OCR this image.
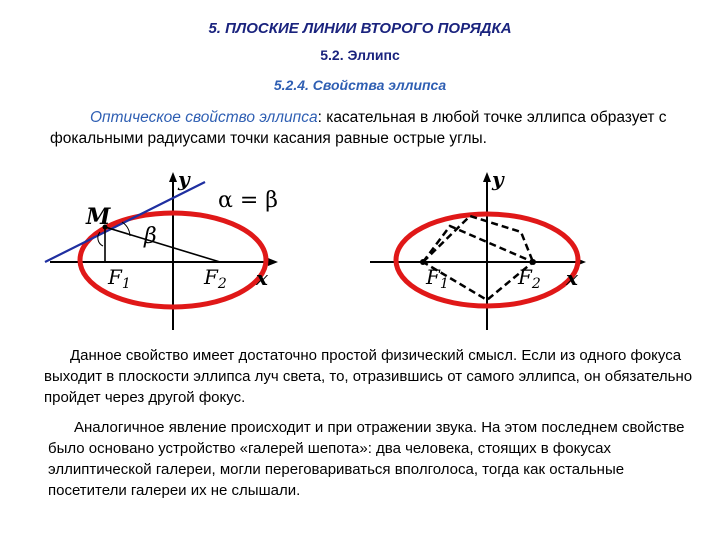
5. ПЛОСКИЕ ЛИНИИ ВТОРОГО ПОРЯДКА
5.2. Эллипс
5.2.4. Свойства эллипса
Оптическое свойство эллипса: касательная в любой точке эллипса образует с фокальными радиусами точки касания равные острые углы.
M
β
α = β
y
x
$F_1$	$F_2$
y
x
$F_1$	$F_2$
Данное свойство имеет достаточно простой физический смысл. Если из одного фокуса выходит в плоскости эллипса луч света, то, отразившись от самого эллипса, он обязательно пройдет через другой фокус.
Аналогичное явление происходит и при отражении звука. На этом последнем свойстве было основано устройство «галерей шепота»: два человека, стоящих в фокусах эллиптической галереи, могли переговариваться вполголоса, тогда как остальные посетители галереи их не слышали.
